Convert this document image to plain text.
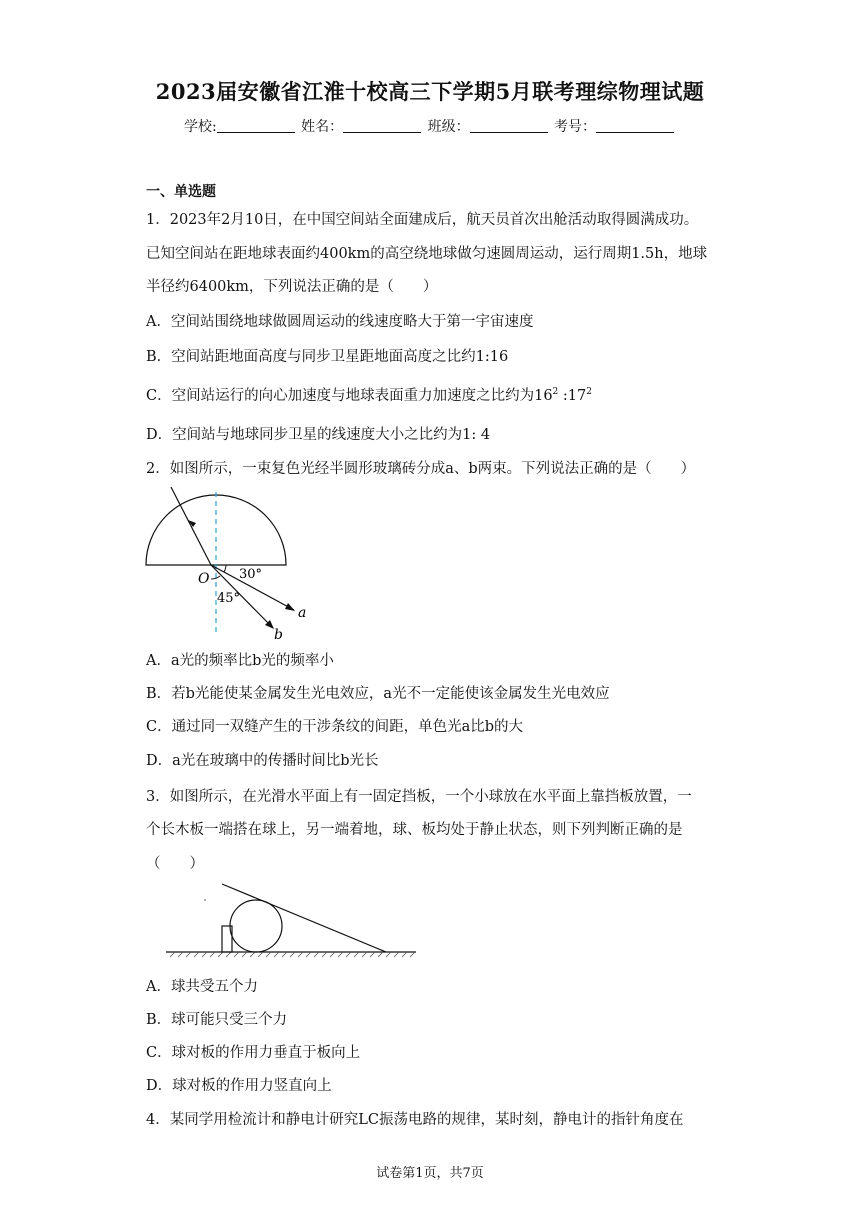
2023届安徽省江淮十校高三下学期5月联考理综物理试题
学校:	姓名：	班级：	考号：
一、单选题
1．2023年2月10日，在中国空间站全面建成后，航天员首次出舱活动取得圆满成功。
已知空间站在距地球表面约400km的高空绕地球做匀速圆周运动，运行周期1.5h，地球
半径约6400km，下列说法正确的是（　　）
A．空间站围绕地球做圆周运动的线速度略大于第一宇宙速度
B．空间站距地面高度与同步卫星距地面高度之比约1:16
C．空间站运行的向心加速度与地球表面重力加速度之比约为$16^2$ $:17^2$
D．空间站与地球同步卫星的线速度大小之比约为1: 4
2．如图所示，一束复色光经半圆形玻璃砖分成a、b两束。下列说法正确的是（　　）
O 30°
45°
a
b
A．a光的频率比b光的频率小
B．若b光能使某金属发生光电效应，a光不一定能使该金属发生光电效应
C．通过同一双缝产生的干涉条纹的间距，单色光a比b的大
D．a光在玻璃中的传播时间比b光长
3．如图所示，在光滑水平面上有一固定挡板，一个小球放在水平面上靠挡板放置，一
个长木板一端搭在球上，另一端着地，球、板均处于静止状态，则下列判断正确的是
（　　）
A．球共受五个力
B．球可能只受三个力
C．球对板的作用力垂直于板向上
D．球对板的作用力竖直向上
4．某同学用检流计和静电计研究LC振荡电路的规律，某时刻，静电计的指针角度在
试卷第1页，共7页
